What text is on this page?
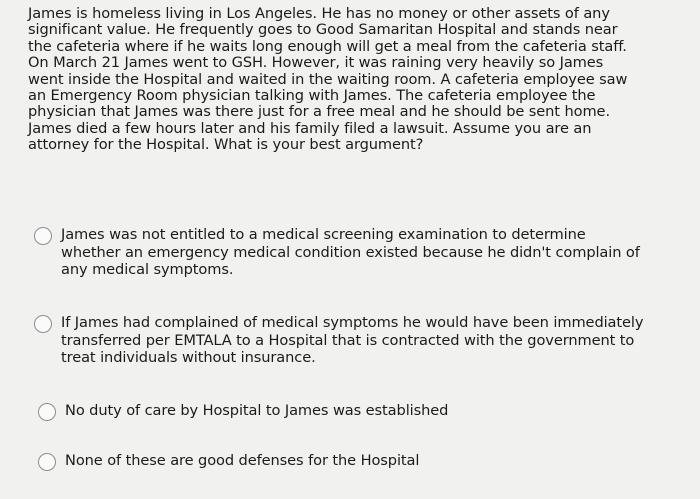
James is homeless living in Los Angeles. He has no money or other assets of any
significant value. He frequently goes to Good Samaritan Hospital and stands near
the cafeteria where if he waits long enough will get a meal from the cafeteria staff.
On March 21 James went to GSH. However, it was raining very heavily so James
went inside the Hospital and waited in the waiting room. A cafeteria employee saw
an Emergency Room physician talking with James. The cafeteria employee the
physician that James was there just for a free meal and he should be sent home.
James died a few hours later and his family filed a lawsuit. Assume you are an
attorney for the Hospital. What is your best argument?
James was not entitled to a medical screening examination to determine
whether an emergency medical condition existed because he didn't complain of
any medical symptoms.
If James had complained of medical symptoms he would have been immediately
transferred per EMTALA to a Hospital that is contracted with the government to
treat individuals without insurance.
No duty of care by Hospital to James was established
None of these are good defenses for the Hospital
